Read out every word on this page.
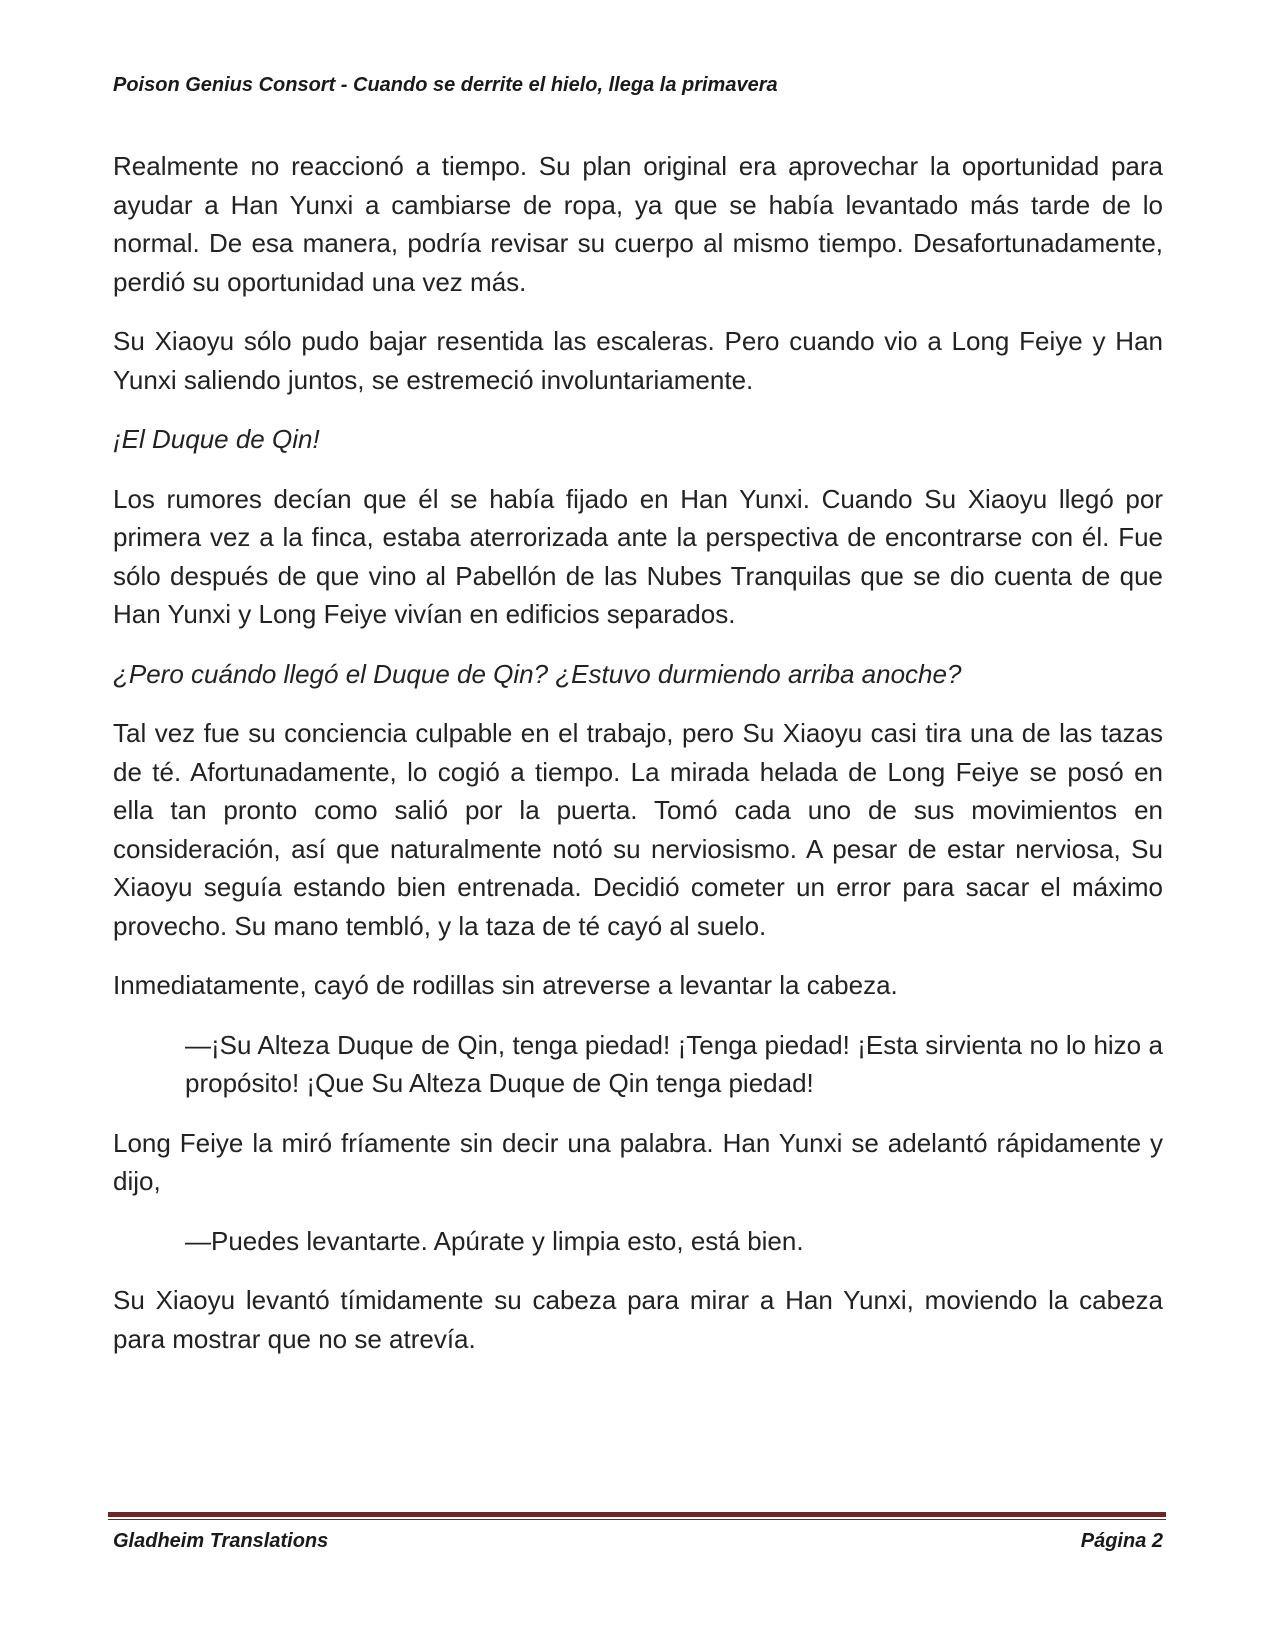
Poison Genius Consort - Cuando se derrite el hielo, llega la primavera

Realmente no reaccionó a tiempo. Su plan original era aprovechar la oportunidad para ayudar a Han Yunxi a cambiarse de ropa, ya que se había levantado más tarde de lo normal. De esa manera, podría revisar su cuerpo al mismo tiempo. Desafortunadamente, perdió su oportunidad una vez más.

Su Xiaoyu sólo pudo bajar resentida las escaleras. Pero cuando vio a Long Feiye y Han Yunxi saliendo juntos, se estremeció involuntariamente.

¡El Duque de Qin!

Los rumores decían que él se había fijado en Han Yunxi. Cuando Su Xiaoyu llegó por primera vez a la finca, estaba aterrorizada ante la perspectiva de encontrarse con él. Fue sólo después de que vino al Pabellón de las Nubes Tranquilas que se dio cuenta de que Han Yunxi y Long Feiye vivían en edificios separados.

¿Pero cuándo llegó el Duque de Qin? ¿Estuvo durmiendo arriba anoche?

Tal vez fue su conciencia culpable en el trabajo, pero Su Xiaoyu casi tira una de las tazas de té. Afortunadamente, lo cogió a tiempo. La mirada helada de Long Feiye se posó en ella tan pronto como salió por la puerta. Tomó cada uno de sus movimientos en consideración, así que naturalmente notó su nerviosismo. A pesar de estar nerviosa, Su Xiaoyu seguía estando bien entrenada. Decidió cometer un error para sacar el máximo provecho. Su mano tembló, y la taza de té cayó al suelo.

Inmediatamente, cayó de rodillas sin atreverse a levantar la cabeza.

—¡Su Alteza Duque de Qin, tenga piedad! ¡Tenga piedad! ¡Esta sirvienta no lo hizo a propósito! ¡Que Su Alteza Duque de Qin tenga piedad!

Long Feiye la miró fríamente sin decir una palabra. Han Yunxi se adelantó rápidamente y dijo,

—Puedes levantarte. Apúrate y limpia esto, está bien.

Su Xiaoyu levantó tímidamente su cabeza para mirar a Han Yunxi, moviendo la cabeza para mostrar que no se atrevía.

Gladheim Translations	Página 2
